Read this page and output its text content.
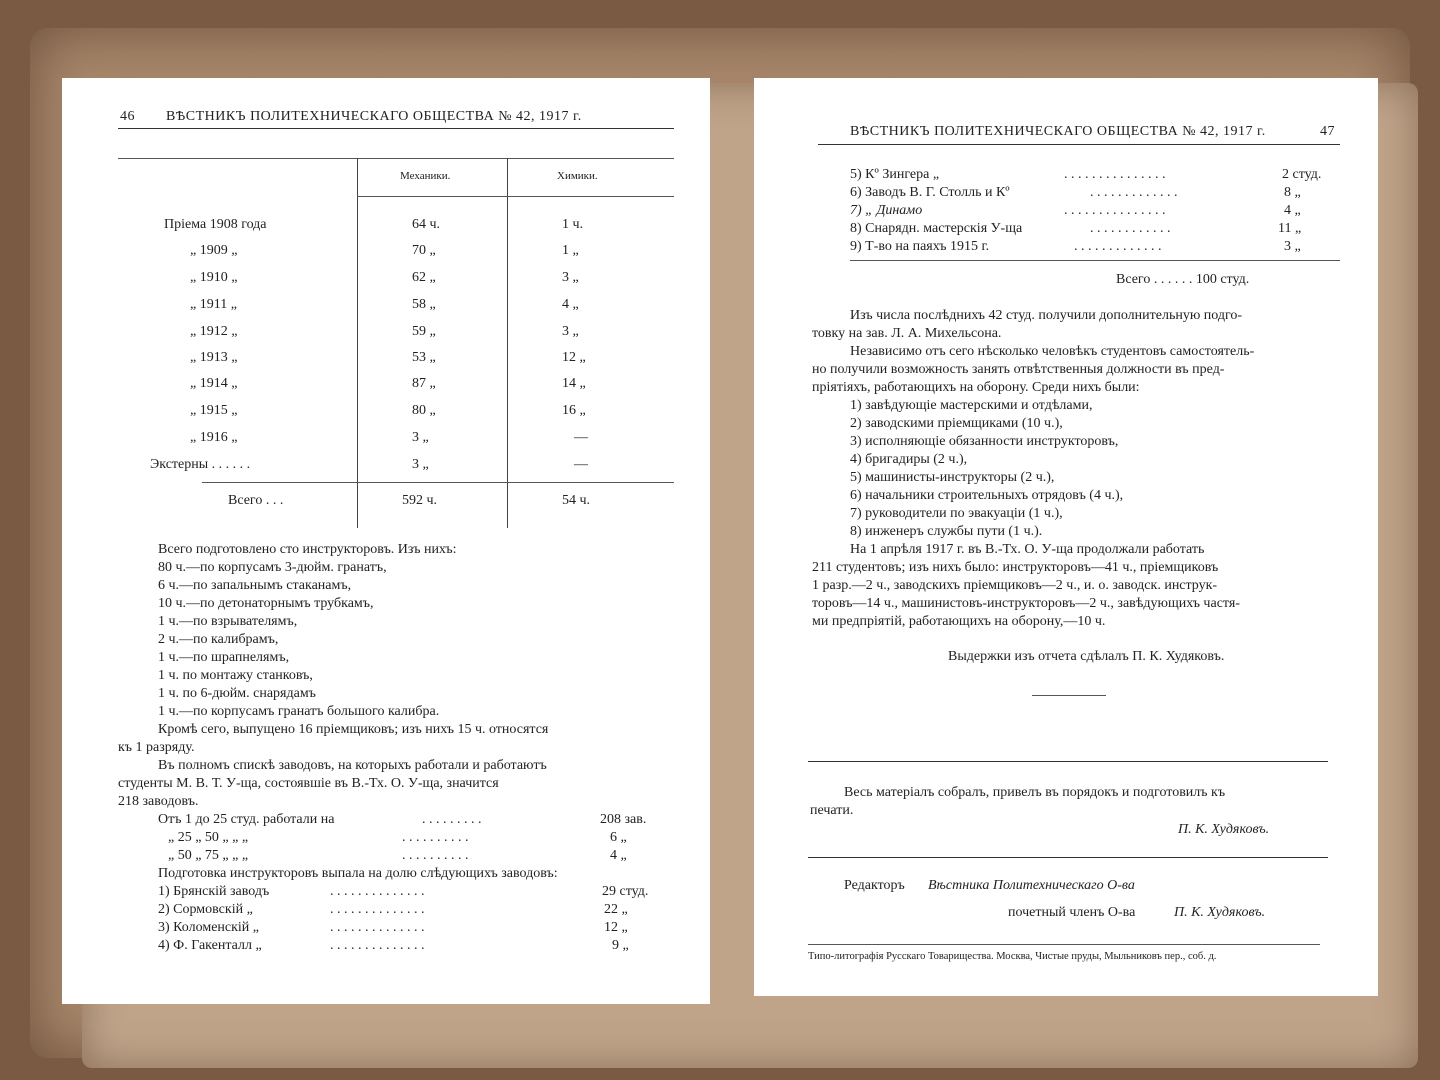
46 ВѢСТНИКЪ ПОЛИТЕХНИЧЕСКАГО ОБЩЕСТВА № 42, 1917 г.
Механики.	Химики.
Пріема 1908 года	64 ч.	1 ч.
„ 1909 „	70 „	1 „
„ 1910 „	62 „	3 „
„ 1911 „	58 „	4 „
„ 1912 „	59 „	3 „
„ 1913 „	53 „	12 „
„ 1914 „	87 „	14 „
„ 1915 „	80 „	16 „
„ 1916 „	3 „	—
Экстерны . . . . . .	3 „	—
Всего . . .	592 ч.	54 ч.
Всего подготовлено сто инструкторовъ. Изъ нихъ:
80 ч.—по корпусамъ 3-дюйм. гранатъ,
6 ч.—по запальнымъ стаканамъ,
10 ч.—по детонаторнымъ трубкамъ,
1 ч.—по взрывателямъ,
2 ч.—по калибрамъ,
1 ч.—по шрапнелямъ,
1 ч. по монтажу станковъ,
1 ч. по 6-дюйм. снарядамъ
1 ч.—по корпусамъ гранатъ большого калибра.
Кромѣ сего, выпущено 16 пріемщиковъ; изъ нихъ 15 ч. относятся
къ 1 разряду.
Въ полномъ спискѣ заводовъ, на которыхъ работали и работаютъ
студенты М. В. Т. У-ща, состоявшіе въ В.-Тх. О. У-ща, значится
218 заводовъ.
Отъ 1 до 25 студ. работали на	. . . . . . . . .	208 зав.
„ 25 „ 50 „ „ „	. . . . . . . . . .	6 „
„ 50 „ 75 „ „ „	. . . . . . . . . .	4 „
Подготовка инструкторовъ выпала на долю слѣдующихъ заводовъ:
1) Брянскій заводъ	. . . . . . . . . . . . . .	29 студ.
2) Сормовскій „	. . . . . . . . . . . . . .	22 „
3) Коломенскій „	. . . . . . . . . . . . . .	12 „
4) Ф. Гакенталл „	. . . . . . . . . . . . . .	9 „
ВѢСТНИКЪ ПОЛИТЕХНИЧЕСКАГО ОБЩЕСТВА № 42, 1917 г.	47
5) Кº Зингера „	. . . . . . . . . . . . . . .	2 студ.
6) Заводъ В. Г. Столль и Кº	. . . . . . . . . . . . .	8 „
7) „ Динамо	. . . . . . . . . . . . . . .	4 „
8) Снарядн. мастерскія У-ща	. . . . . . . . . . . .	11 „
9) Т-во на паяхъ 1915 г.	. . . . . . . . . . . . .	3 „
Всего . . . . . . 100 студ.
Изъ числа послѣднихъ 42 студ. получили дополнительную подго-
товку на зав. Л. А. Михельсона.
Независимо отъ сего нѣсколько человѣкъ студентовъ самостоятель-
но получили возможность занять отвѣтственныя должности въ пред-
пріятіяхъ, работающихъ на оборону. Среди нихъ были:
1) завѣдующіе мастерскими и отдѣлами,
2) заводскими пріемщиками (10 ч.),
3) исполняющіе обязанности инструкторовъ,
4) бригадиры (2 ч.),
5) машинисты-инструкторы (2 ч.),
6) начальники строительныхъ отрядовъ (4 ч.),
7) руководители по эвакуаціи (1 ч.),
8) инженеръ службы пути (1 ч.).
На 1 апрѣля 1917 г. въ В.-Тх. О. У-ща продолжали работать
211 студентовъ; изъ нихъ было: инструкторовъ—41 ч., пріемщиковъ
1 разр.—2 ч., заводскихъ пріемщиковъ—2 ч., и. о. заводск. инструк-
торовъ—14 ч., машинистовъ-инструкторовъ—2 ч., завѣдующихъ частя-
ми предпріятій, работающихъ на оборону,—10 ч.
Выдержки изъ отчета сдѣлалъ П. К. Худяковъ.
Весь матеріалъ собралъ, привелъ въ порядокъ и подготовилъ къ
печати.
П. К. Худяковъ.
Редакторъ Вѣстника Политехническаго О-ва
почетный членъ О-ва	П. К. Худяковъ.
Типо-литографія Русскаго Товарищества. Москва, Чистые пруды, Мыльниковъ пер., соб. д.
